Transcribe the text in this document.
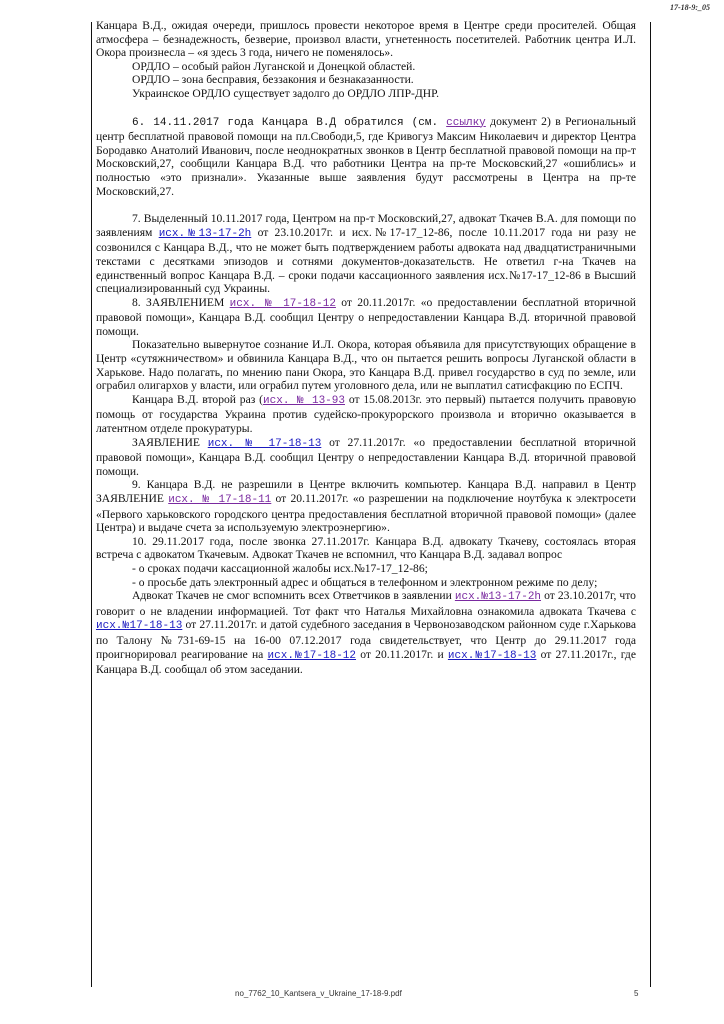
17-18-9:_05

Канцара В.Д., ожидая очереди, пришлось провести некоторое время в Центре среди просителей. Общая атмосфера – безнадежность, безверие, произвол власти, угнетенность посетителей. Работник центра И.Л. Окора произнесла – «я здесь 3 года, ничего не поменялось».

ОРДЛО – особый район Луганской и Донецкой областей.

ОРДЛО – зона бесправия, беззакония и безнаказанности.

Украинское ОРДЛО существует задолго до ОРДЛО ЛПР-ДНР.

6. 14.11.2017 года Канцара В.Д обратился (см. ссылку документ 2) в Региональный центр бесплатной правовой помощи на пл.Свободи,5, где Кривогуз Максим Николаевич и директор Центра Бородавко Анатолий Иванович, после неоднократных звонков в Центр бесплатной правовой помощи на пр-т Московский,27, сообщили Канцара В.Д. что работники Центра на пр-те Московский,27 «ошиблись» и полностью «это признали». Указанные выше заявления будут рассмотрены в Центра на пр-те Московский,27.

7. Выделенный 10.11.2017 года, Центром на пр-т Московский,27, адвокат Ткачев В.А. для помощи по заявлениям исх.№13-17-2h от 23.10.2017г. и исх.№17-17_12-86, после 10.11.2017 года ни разу не созвонился с Канцара В.Д., что не может быть подтверждением работы адвоката над двадцатистраничными текстами с десятками эпизодов и сотнями документов-доказательств. Не ответил г-на Ткачев на единственный вопрос Канцара В.Д. – сроки подачи кассационного заявления исх.№17-17_12-86 в Высший специализированный суд Украины.

8. ЗАЯВЛЕНИЕМ исх. № 17-18-12 от 20.11.2017г. «о предоставлении бесплатной вторичной правовой помощи», Канцара В.Д. сообщил Центру о непредоставлении Канцара В.Д. вторичной правовой помощи.

Показательно вывернутое сознание И.Л. Окора, которая объявила для присутствующих обращение в Центр «сутяжничеством» и обвинила Канцара В.Д., что он пытается решить вопросы Луганской области в Харькове. Надо полагать, по мнению пани Окора, это Канцара В.Д. привел государство в суд по земле, или ограбил олигархов у власти, или ограбил путем уголовного дела, или не выплатил сатисфакцию по ЕСПЧ.

Канцара В.Д. второй раз (исх. № 13-93 от 15.08.2013г. это первый) пытается получить правовую помощь от государства Украина против судейско-прокурорского произвола и вторично оказывается в латентном отделе прокуратуры.

ЗАЯВЛЕНИЕ исх. № 17-18-13 от 27.11.2017г. «о предоставлении бесплатной вторичной правовой помощи», Канцара В.Д. сообщил Центру о непредоставлении Канцара В.Д. вторичной правовой помощи.

9. Канцара В.Д. не разрешили в Центре включить компьютер. Канцара В.Д. направил в Центр ЗАЯВЛЕНИЕ исх. № 17-18-11 от 20.11.2017г. «о разрешении на подключение ноутбука к электросети «Первого харьковского городского центра предоставления бесплатной вторичной правовой помощи» (далее Центра) и выдаче счета за используемую электроэнергию».

10. 29.11.2017 года, после звонка 27.11.2017г. Канцара В.Д. адвокату Ткачеву, состоялась вторая встреча с адвокатом Ткачевым. Адвокат Ткачев не вспомнил, что Канцара В.Д. задавал вопрос

- о сроках подачи кассационной жалобы исх.№17-17_12-86;

- о просьбе дать электронный адрес и общаться в телефонном и электронном режиме по делу;

Адвокат Ткачев не смог вспомнить всех Ответчиков в заявлении исх.№13-17-2h от 23.10.2017г, что говорит о не владении информацией. Тот факт что Наталья Михайловна ознакомила адвоката Ткачева с исх.№17-18-13 от 27.11.2017г. и датой судебного заседания в Червонозаводском районном суде г.Харькова по Талону №731-69-15 на 16-00 07.12.2017 года свидетельствует, что Центр до 29.11.2017 года проигнорировал реагирование на исх.№17-18-12 от 20.11.2017г. и исх.№17-18-13 от 27.11.2017г., где Канцара В.Д. сообщал об этом заседании.

no_7762_10_Kantsera_v_Ukraine_17-18-9.pdf	5
